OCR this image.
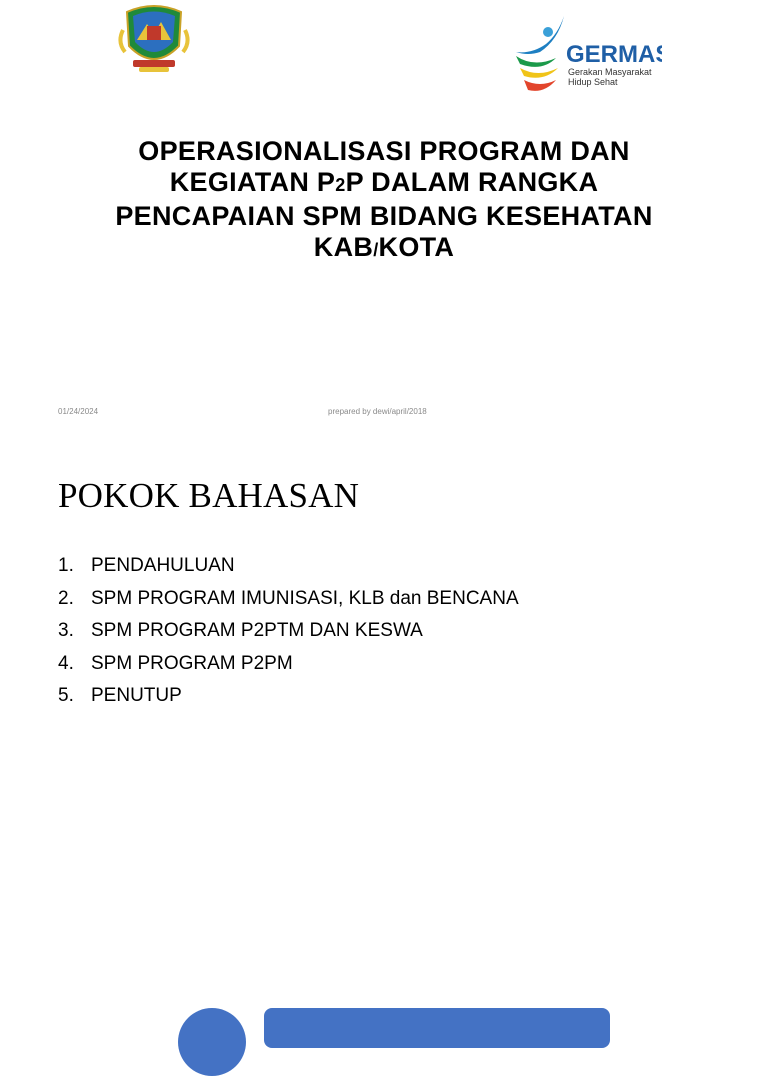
GERMAS
Gerakan Masyarakat
Hidup Sehat
OPERASIONALISASI PROGRAM DAN
KEGIATAN P2P DALAM RANGKA
PENCAPAIAN SPM BIDANG KESEHATAN
KAB/KOTA
01/24/2024	prepared by dewi/april/2018
POKOK BAHASAN
1. PENDAHULUAN
2. SPM PROGRAM IMUNISASI, KLB dan BENCANA
3. SPM PROGRAM P2PTM DAN KESWA
4. SPM PROGRAM P2PM
5. PENUTUP
